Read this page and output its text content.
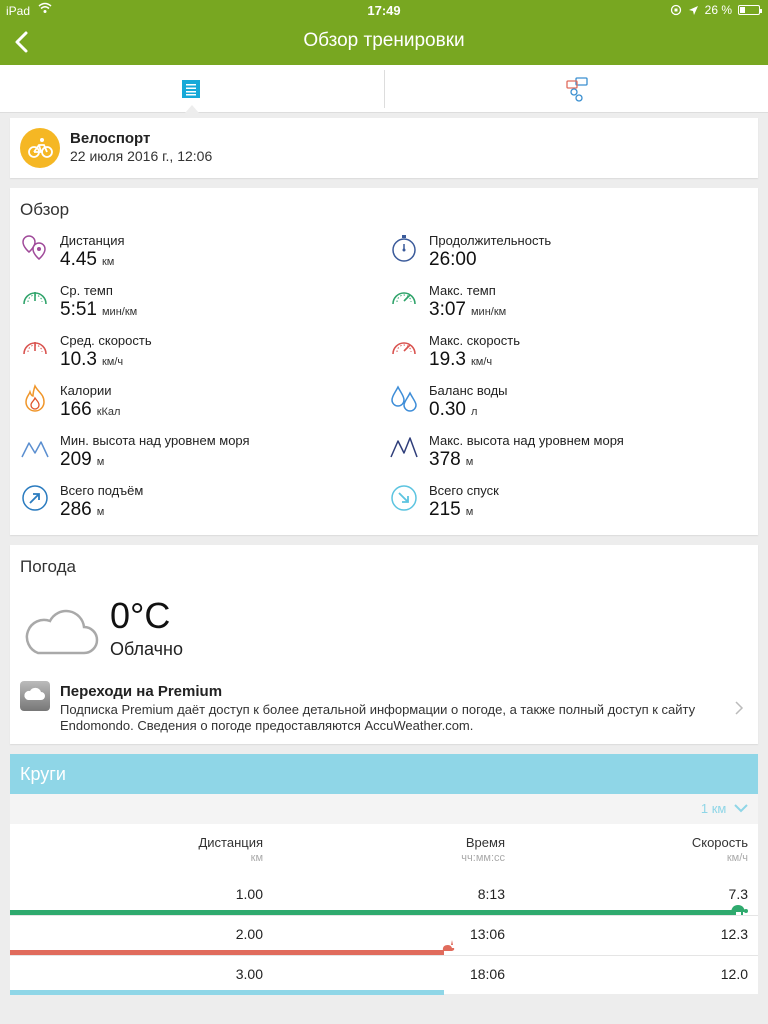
iPad	17:49	26 %
Обзор тренировки
Велоспорт
22 июля 2016 г., 12:06
Обзор
Дистанция
4.45 км
Продолжительность
26:00
Ср. темп
5:51 мин/км
Макс. темп
3:07 мин/км
Сред. скорость
10.3 км/ч
Макс. скорость
19.3 км/ч
Калории
166 кКал
Баланс воды
0.30 л
Мин. высота над уровнем моря
209 м
Макс. высота над уровнем моря
378 м
Всего подъём
286 м
Всего спуск
215 м
Погода
0°C
Облачно
Переходи на Premium
Подписка Premium даёт доступ к более детальной информации о погоде, а также полный доступ к сайту Endomondo. Сведения о погоде предоставляются AccuWeather.com.
Круги
1 км
Дистанция
км
Время
чч:мм:сс
Скорость
км/ч
1.00	8:13	7.3
2.00	13:06	12.3
3.00	18:06	12.0
